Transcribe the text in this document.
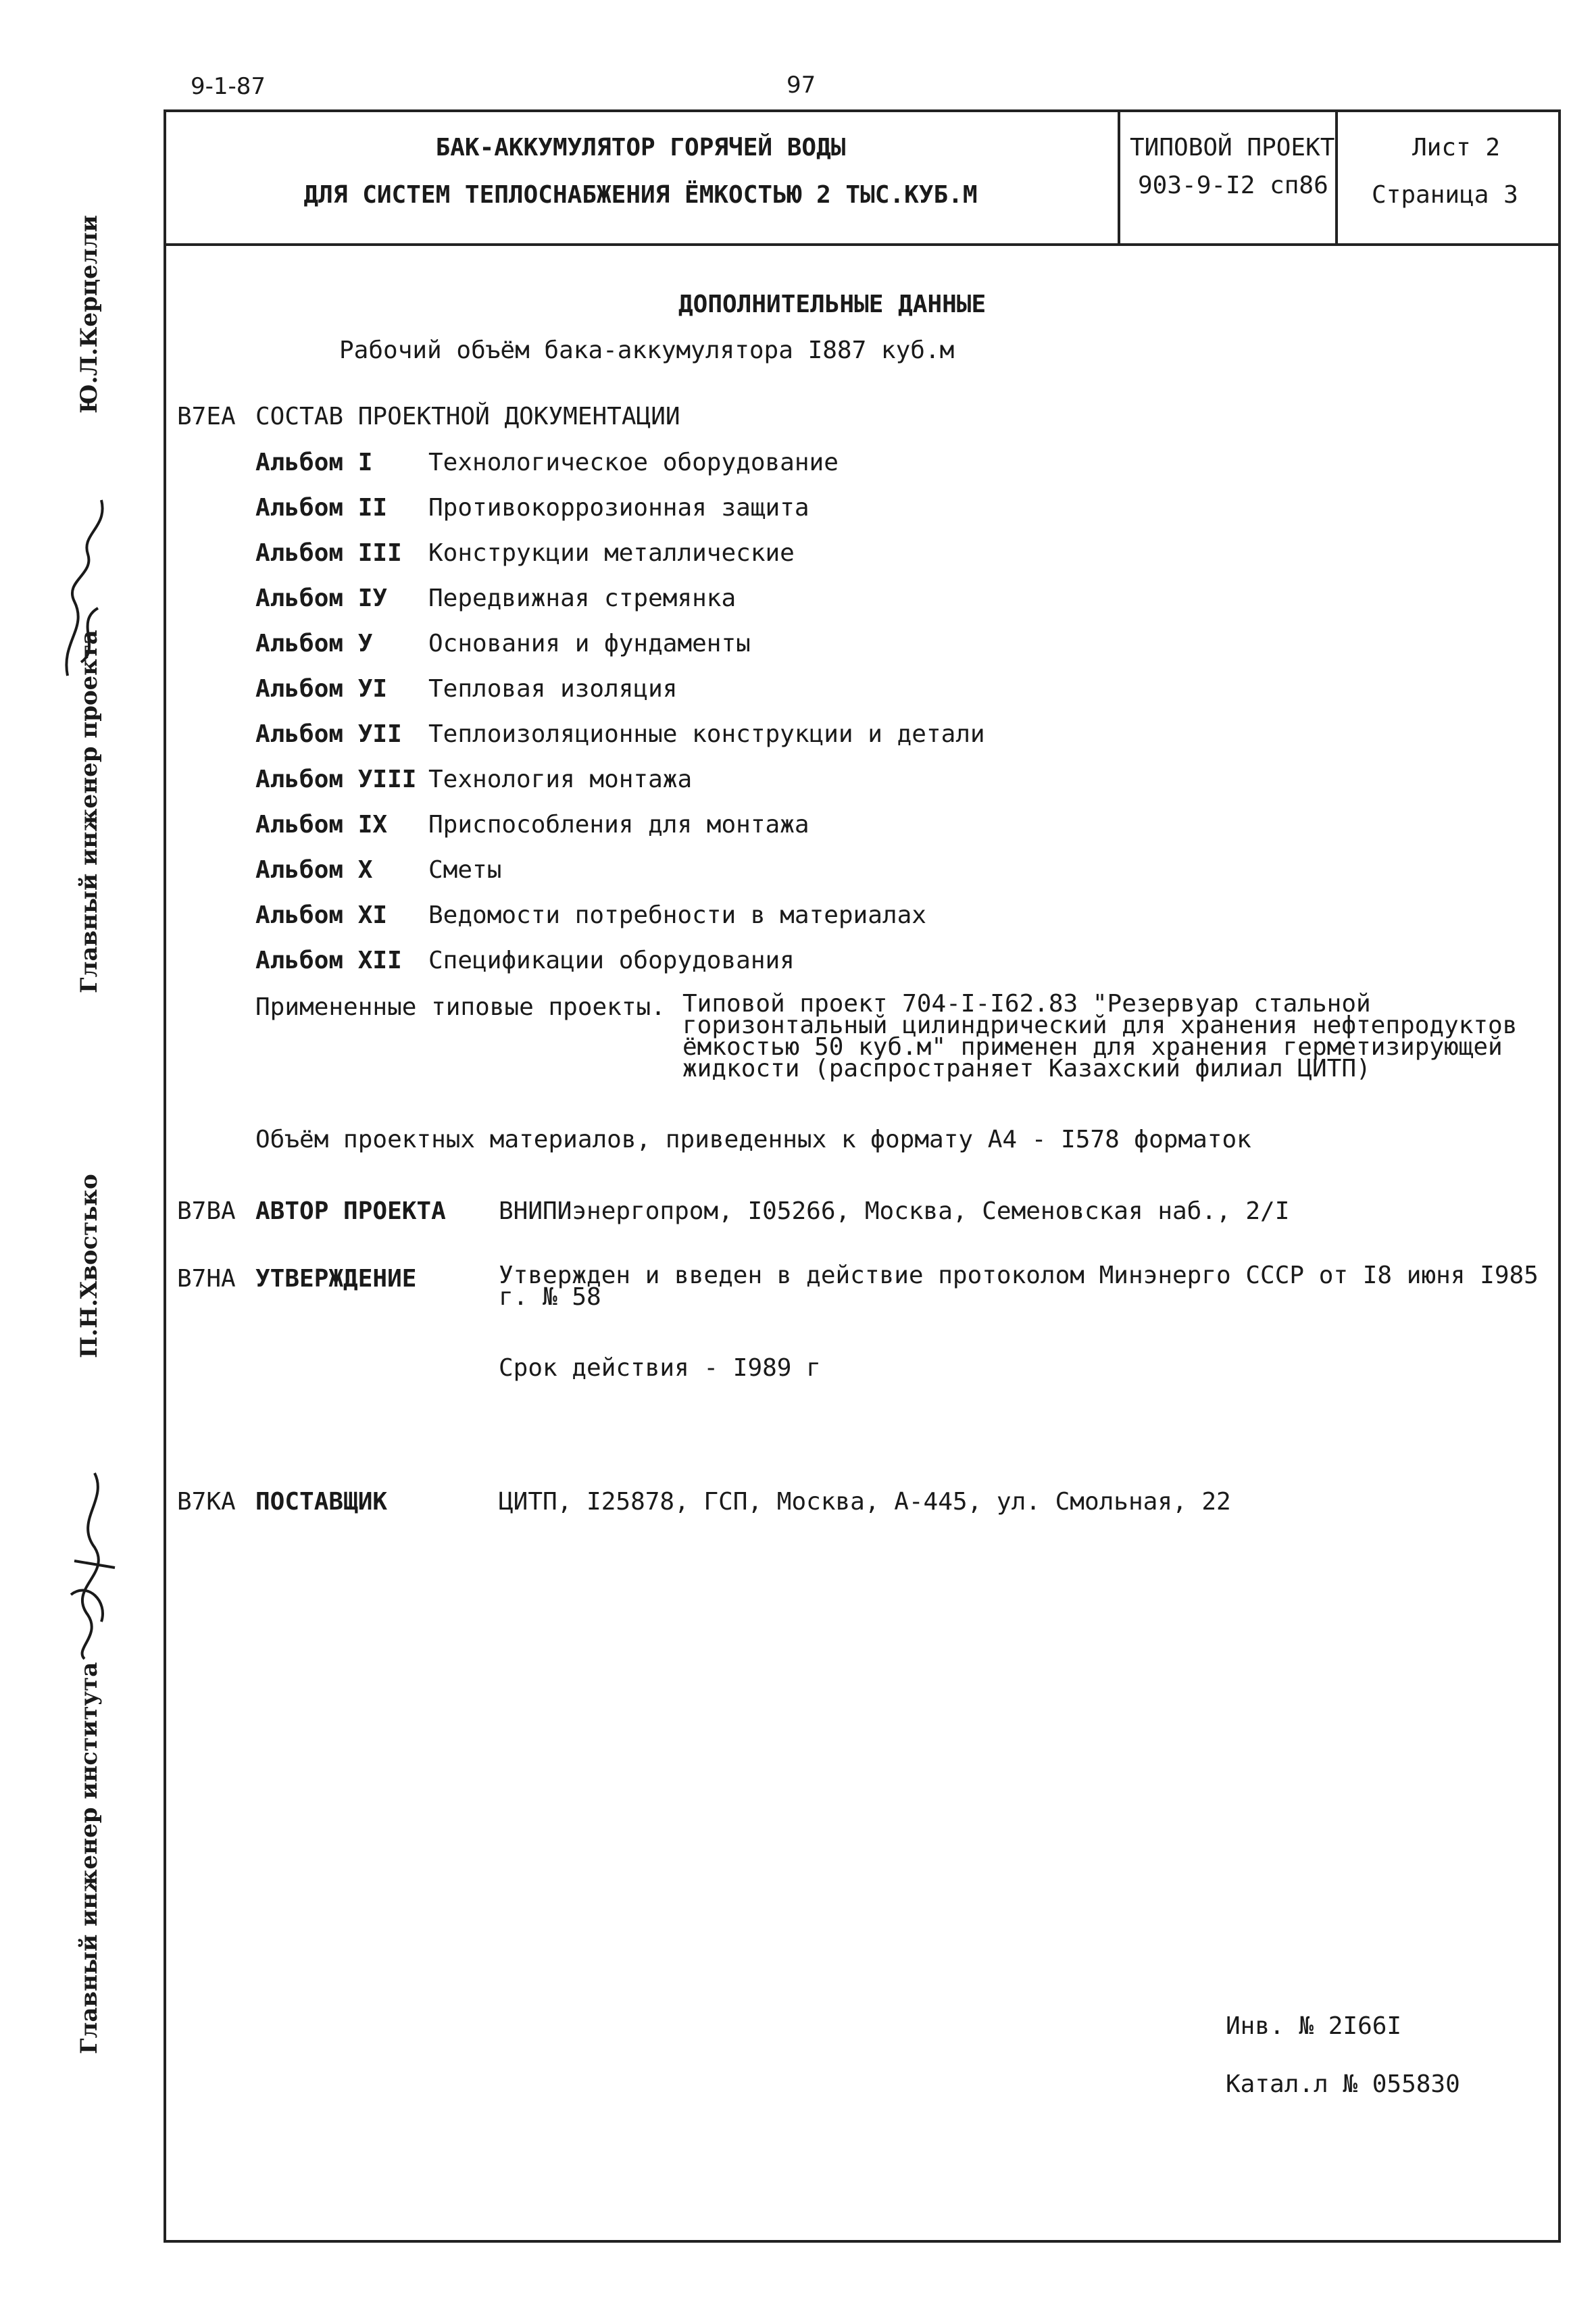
9-1-87	97
БАК-АККУМУЛЯТОР ГОРЯЧЕЙ ВОДЫ
ДЛЯ СИСТЕМ ТЕПЛОСНАБЖЕНИЯ ЁМКОСТЬЮ 2 ТЫС.КУБ.М
ТИПОВОЙ ПРОЕКТ
903-9-I2 сп86
Лист 2
Страница 3
ДОПОЛНИТЕЛЬНЫЕ ДАННЫЕ
Рабочий объём бака-аккумулятора I887 куб.м
B7EA СОСТАВ ПРОЕКТНОЙ ДОКУМЕНТАЦИИ
Альбом I Технологическое оборудование
Альбом II Противокоррозионная защита
Альбом III Конструкции металлические
Альбом IУ Передвижная стремянка
Альбом У Основания и фундаменты
Альбом УI Тепловая изоляция
Альбом УII Теплоизоляционные конструкции и детали
Альбом УIII Технология монтажа
Альбом IX Приспособления для монтажа
Альбом X Сметы
Альбом XI Ведомости потребности в материалах
Альбом XII Спецификации оборудования
Примененные типовые проекты. Типовой проект 704-I-I62.83 "Резервуар стальной горизонтальный цилиндрический для хранения нефтепродуктов ёмкостью 50 куб.м" применен для хранения герметизирующей жидкости (распространяет Казахский филиал ЦИТП)
Объём проектных материалов, приведенных к формату А4 - I578 форматок
B7BA АВТОР ПРОЕКТА ВНИПИэнергопром, I05266, Москва, Семеновская наб., 2/I
B7HA УТВЕРЖДЕНИЕ	Утвержден и введен в действие протоколом Минэнерго СССР от I8 июня I985 г. № 58
Срок действия - I989 г
B7KA ПОСТАВЩИК	ЦИТП, I25878, ГСП, Москва, А-445, ул. Смольная, 22
Инв. № 2I66I
Катал.л № 055830
Ю.Л.Керцелли
Главный инженер проекта
П.Н.Хвостько
Главный инженер института
